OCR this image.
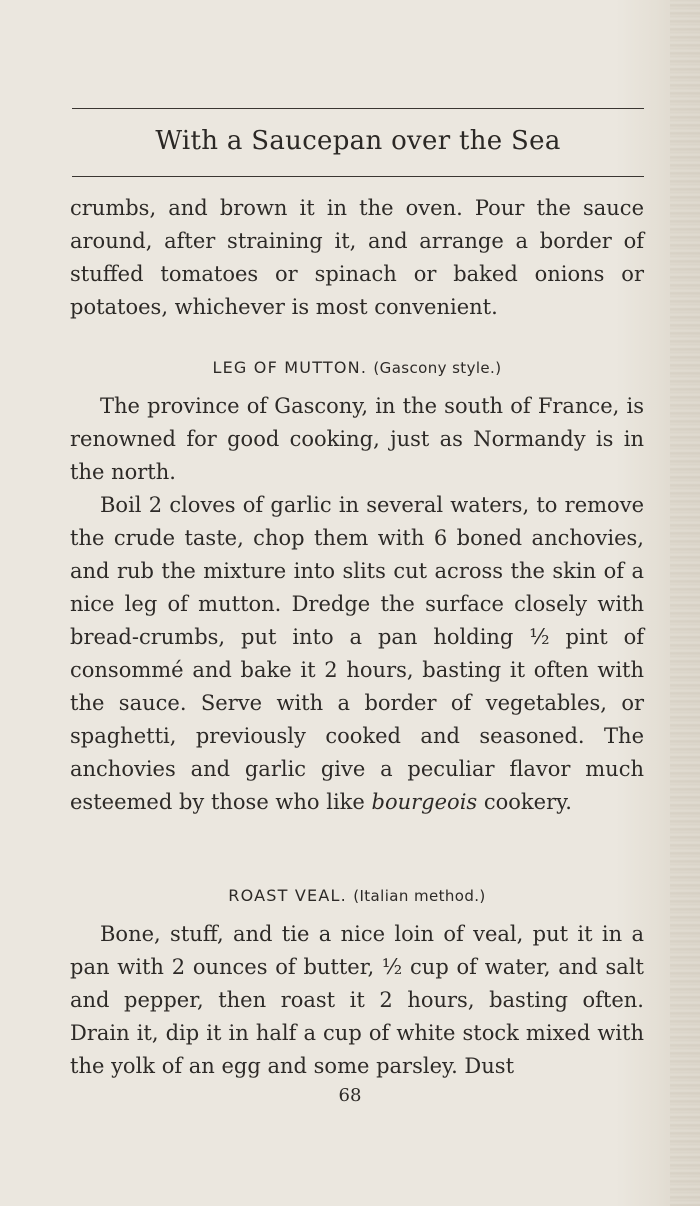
With a Saucepan over the Sea

crumbs, and brown it in the oven. Pour the sauce around, after straining it, and arrange a border of stuffed tomatoes or spinach or baked onions or potatoes, whichever is most convenient.

LEG OF MUTTON. (Gascony style.)

The province of Gascony, in the south of France, is renowned for good cooking, just as Normandy is in the north.

Boil 2 cloves of garlic in several waters, to remove the crude taste, chop them with 6 boned anchovies, and rub the mixture into slits cut across the skin of a nice leg of mutton. Dredge the surface closely with bread-crumbs, put into a pan holding ½ pint of consommé and bake it 2 hours, basting it often with the sauce. Serve with a border of vegetables, or spaghetti, previously cooked and seasoned. The anchovies and garlic give a peculiar flavor much esteemed by those who like bourgeois cookery.

ROAST VEAL. (Italian method.)

Bone, stuff, and tie a nice loin of veal, put it in a pan with 2 ounces of butter, ½ cup of water, and salt and pepper, then roast it 2 hours, basting often. Drain it, dip it in half a cup of white stock mixed with the yolk of an egg and some parsley. Dust

68
